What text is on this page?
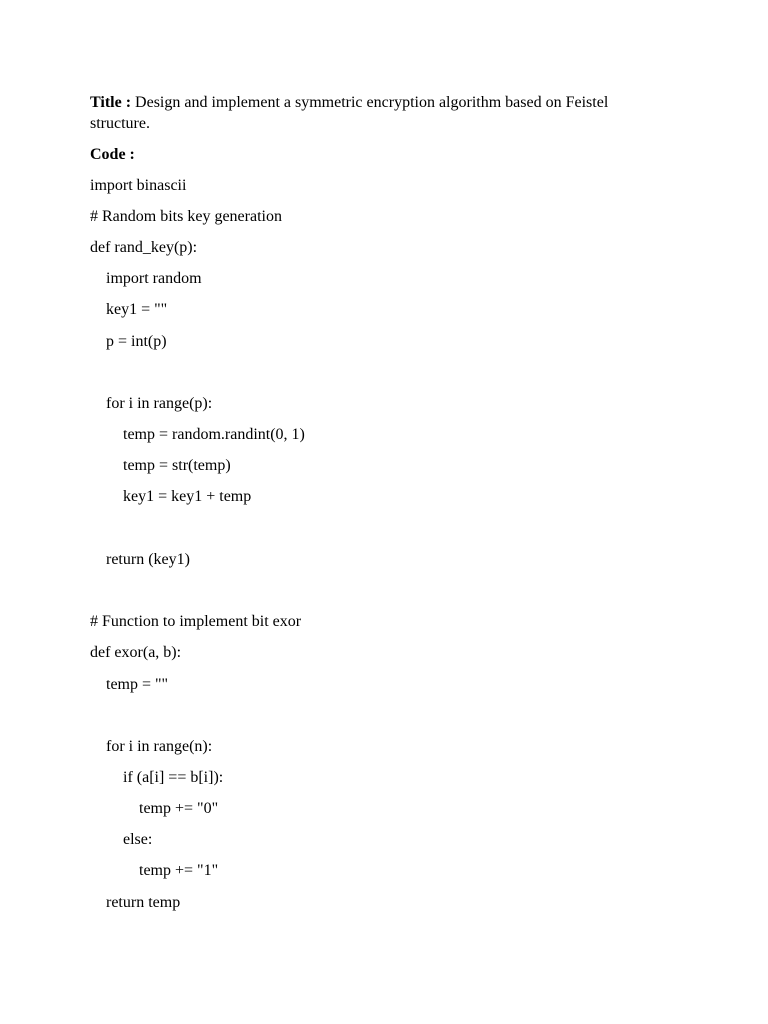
Title : Design and implement a symmetric encryption algorithm based on Feistel structure.
Code :
import binascii
# Random bits key generation
def rand_key(p):
import random
key1 = ""
p = int(p)
for i in range(p):
temp = random.randint(0, 1)
temp = str(temp)
key1 = key1 + temp
return (key1)
# Function to implement bit exor
def exor(a, b):
temp = ""
for i in range(n):
if (a[i] == b[i]):
temp += "0"
else:
temp += "1"
return temp
